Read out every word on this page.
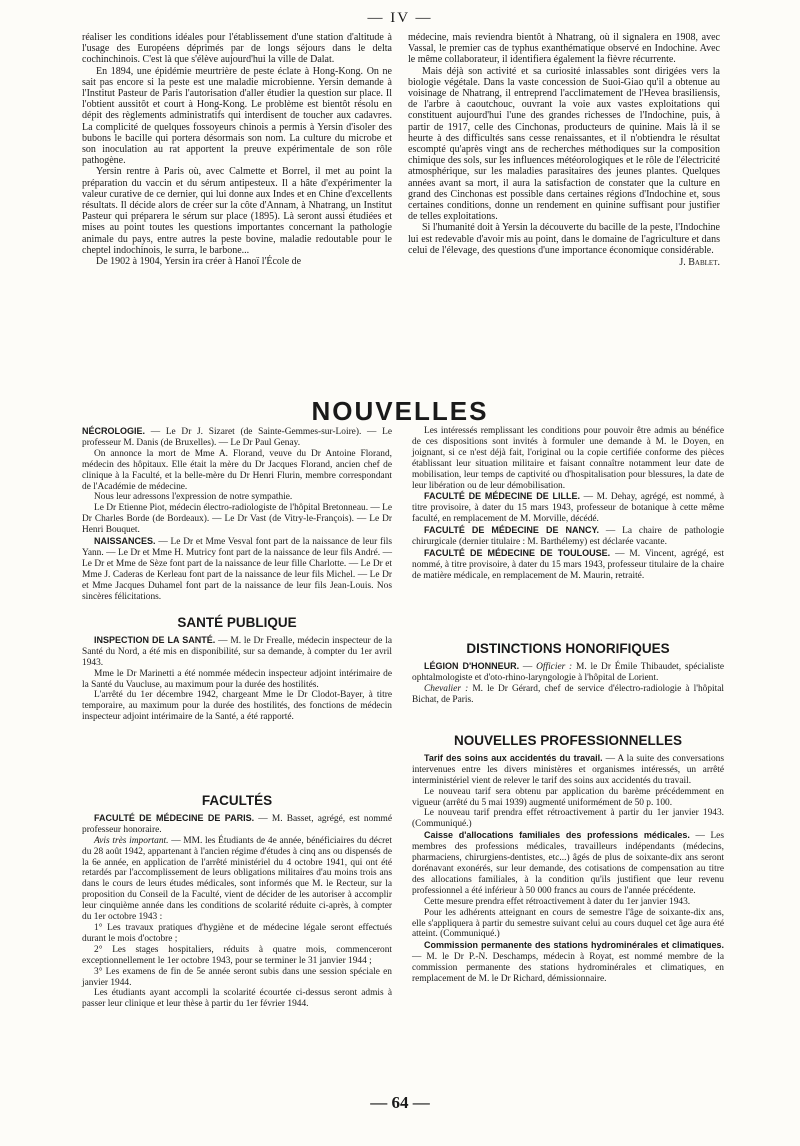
— IV —

réaliser les conditions idéales pour l'établissement d'une station d'altitude à l'usage des Européens déprimés par de longs séjours dans le delta cochinchinois. C'est là que s'élève aujourd'hui la ville de Dalat.

En 1894, une épidémie meurtrière de peste éclate à Hong-Kong. On ne sait pas encore si la peste est une maladie microbienne. Yersin demande à l'Institut Pasteur de Paris l'autorisation d'aller étudier la question sur place. Il l'obtient aussitôt et court à Hong-Kong. Le problème est bientôt résolu en dépit des règlements administratifs qui interdisent de toucher aux cadavres. La complicité de quelques fossoyeurs chinois a permis à Yersin d'isoler des bubons le bacille qui portera désormais son nom. La culture du microbe et son inoculation au rat apportent la preuve expérimentale de son rôle pathogène.

Yersin rentre à Paris où, avec Calmette et Borrel, il met au point la préparation du vaccin et du sérum antipesteux. Il a hâte d'expérimenter la valeur curative de ce dernier, qui lui donne aux Indes et en Chine d'excellents résultats. Il décide alors de créer sur la côte d'Annam, à Nhatrang, un Institut Pasteur qui préparera le sérum sur place (1895). Là seront aussi étudiées et mises au point toutes les questions importantes concernant la pathologie animale du pays, entre autres la peste bovine, maladie redoutable pour le cheptel indochinois, le surra, le barbone...

De 1902 à 1904, Yersin ira créer à Hanoï l'École de

médecine, mais reviendra bientôt à Nhatrang, où il signalera en 1908, avec Vassal, le premier cas de typhus exanthématique observé en Indochine. Avec le même collaborateur, il identifiera également la fièvre récurrente.

Mais déjà son activité et sa curiosité inlassables sont dirigées vers la biologie végétale. Dans la vaste concession de Suoi-Giao qu'il a obtenue au voisinage de Nhatrang, il entreprend l'acclimatement de l'Hevea brasiliensis, de l'arbre à caoutchouc, ouvrant la voie aux vastes exploitations qui constituent aujourd'hui l'une des grandes richesses de l'Indochine, puis, à partir de 1917, celle des Cinchonas, producteurs de quinine. Mais là il se heurte à des difficultés sans cesse renaissantes, et il n'obtiendra le résultat escompté qu'après vingt ans de recherches méthodiques sur la composition chimique des sols, sur les influences météorologiques et le rôle de l'électricité atmosphérique, sur les maladies parasitaires des jeunes plantes. Quelques années avant sa mort, il aura la satisfaction de constater que la culture en grand des Cinchonas est possible dans certaines régions d'Indochine et, sous certaines conditions, donne un rendement en quinine suffisant pour justifier de telles exploitations.

Si l'humanité doit à Yersin la découverte du bacille de la peste, l'Indochine lui est redevable d'avoir mis au point, dans le domaine de l'agriculture et dans celui de l'élevage, des questions d'une importance économique considérable.

J. Bablet.
NOUVELLES

NÉCROLOGIE. — Le Dr J. Sizaret (de Sainte-Gemmes-sur-Loire). — Le professeur M. Danis (de Bruxelles). — Le Dr Paul Genay.

On annonce la mort de Mme A. Florand, veuve du Dr Antoine Florand, médecin des hôpitaux. Elle était la mère du Dr Jacques Florand, ancien chef de clinique à la Faculté, et la belle-mère du Dr Henri Flurin, membre correspondant de l'Académie de médecine.

Nous leur adressons l'expression de notre sympathie.

Le Dr Etienne Piot, médecin électro-radiologiste de l'hôpital Bretonneau. — Le Dr Charles Borde (de Bordeaux). — Le Dr Vast (de Vitry-le-François). — Le Dr Henri Bouquet.

NAISSANCES. — Le Dr et Mme Vesval font part de la naissance de leur fils Yann. — Le Dr et Mme H. Mutricy font part de la naissance de leur fils André. — Le Dr et Mme de Sèze font part de la naissance de leur fille Charlotte. — Le Dr et Mme J. Caderas de Kerleau font part de la naissance de leur fils Michel. — Le Dr et Mme Jacques Duhamel font part de la naissance de leur fils Jean-Louis. Nos sincères félicitations.

Les intéressés remplissant les conditions pour pouvoir être admis au bénéfice de ces dispositions sont invités à formuler une demande à M. le Doyen, en joignant, si ce n'est déjà fait, l'original ou la copie certifiée conforme des pièces établissant leur situation militaire et faisant connaître notamment leur date de mobilisation, leur temps de captivité ou d'hospitalisation pour blessures, la date de leur libération ou de leur démobilisation.

FACULTÉ DE MÉDECINE DE LILLE. — M. Dehay, agrégé, est nommé, à titre provisoire, à dater du 15 mars 1943, professeur de botanique à cette même faculté, en remplacement de M. Morville, décédé.

FACULTÉ DE MÉDECINE DE NANCY. — La chaire de pathologie chirurgicale (dernier titulaire : M. Barthélemy) est déclarée vacante.

FACULTÉ DE MÉDECINE DE TOULOUSE. — M. Vincent, agrégé, est nommé, à titre provisoire, à dater du 15 mars 1943, professeur titulaire de la chaire de matière médicale, en remplacement de M. Maurin, retraité.

SANTÉ PUBLIQUE

INSPECTION DE LA SANTÉ. — M. le Dr Frealle, médecin inspecteur de la Santé du Nord, a été mis en disponibilité, sur sa demande, à compter du 1er avril 1943.

Mme le Dr Marinetti a été nommée médecin inspecteur adjoint intérimaire de la Santé du Vaucluse, au maximum pour la durée des hostilités.

L'arrêté du 1er décembre 1942, chargeant Mme le Dr Clodot-Bayer, à titre temporaire, au maximum pour la durée des hostilités, des fonctions de médecin inspecteur adjoint intérimaire de la Santé, a été rapporté.

FACULTÉS

FACULTÉ DE MÉDECINE DE PARIS. — M. Basset, agrégé, est nommé professeur honoraire.

Avis très important. — MM. les Étudiants de 4e année, bénéficiaires du décret du 28 août 1942, appartenant à l'ancien régime d'études à cinq ans ou dispensés de la 6e année, en application de l'arrêté ministériel du 4 octobre 1941, qui ont été retardés par l'accomplissement de leurs obligations militaires d'au moins trois ans dans le cours de leurs études médicales, sont informés que M. le Recteur, sur la proposition du Conseil de la Faculté, vient de décider de les autoriser à accomplir leur cinquième année dans les conditions de scolarité réduite ci-après, à compter du 1er octobre 1943 :

1° Les travaux pratiques d'hygiène et de médecine légale seront effectués durant le mois d'octobre ;

2° Les stages hospitaliers, réduits à quatre mois, commenceront exceptionnellement le 1er octobre 1943, pour se terminer le 31 janvier 1944 ;

3° Les examens de fin de 5e année seront subis dans une session spéciale en janvier 1944.

Les étudiants ayant accompli la scolarité écourtée ci-dessus seront admis à passer leur clinique et leur thèse à partir du 1er février 1944.

DISTINCTIONS HONORIFIQUES

LÉGION D'HONNEUR. — Officier : M. le Dr Émile Thibaudet, spécialiste ophtalmologiste et d'oto-rhino-laryngologie à l'hôpital de Lorient.

Chevalier : M. le Dr Gérard, chef de service d'électro-radiologie à l'hôpital Bichat, de Paris.

NOUVELLES PROFESSIONNELLES

Tarif des soins aux accidentés du travail. — A la suite des conversations intervenues entre les divers ministères et organismes intéressés, un arrêté interministériel vient de relever le tarif des soins aux accidentés du travail.

Le nouveau tarif sera obtenu par application du barème précédemment en vigueur (arrêté du 5 mai 1939) augmenté uniformément de 50 p. 100.

Le nouveau tarif prendra effet rétroactivement à partir du 1er janvier 1943. (Communiqué.)

Caisse d'allocations familiales des professions médicales. — Les membres des professions médicales, travailleurs indépendants (médecins, pharmaciens, chirurgiens-dentistes, etc...) âgés de plus de soixante-dix ans seront dorénavant exonérés, sur leur demande, des cotisations de compensation au titre des allocations familiales, à la condition qu'ils justifient que leur revenu professionnel a été inférieur à 50 000 francs au cours de l'année précédente.

Cette mesure prendra effet rétroactivement à dater du 1er janvier 1943.

Pour les adhérents atteignant en cours de semestre l'âge de soixante-dix ans, elle s'appliquera à partir du semestre suivant celui au cours duquel cet âge aura été atteint. (Communiqué.)

Commission permanente des stations hydrominérales et climatiques. — M. le Dr P.-N. Deschamps, médecin à Royat, est nommé membre de la commission permanente des stations hydrominérales et climatiques, en remplacement de M. le Dr Richard, démissionnaire.

— 64 —
